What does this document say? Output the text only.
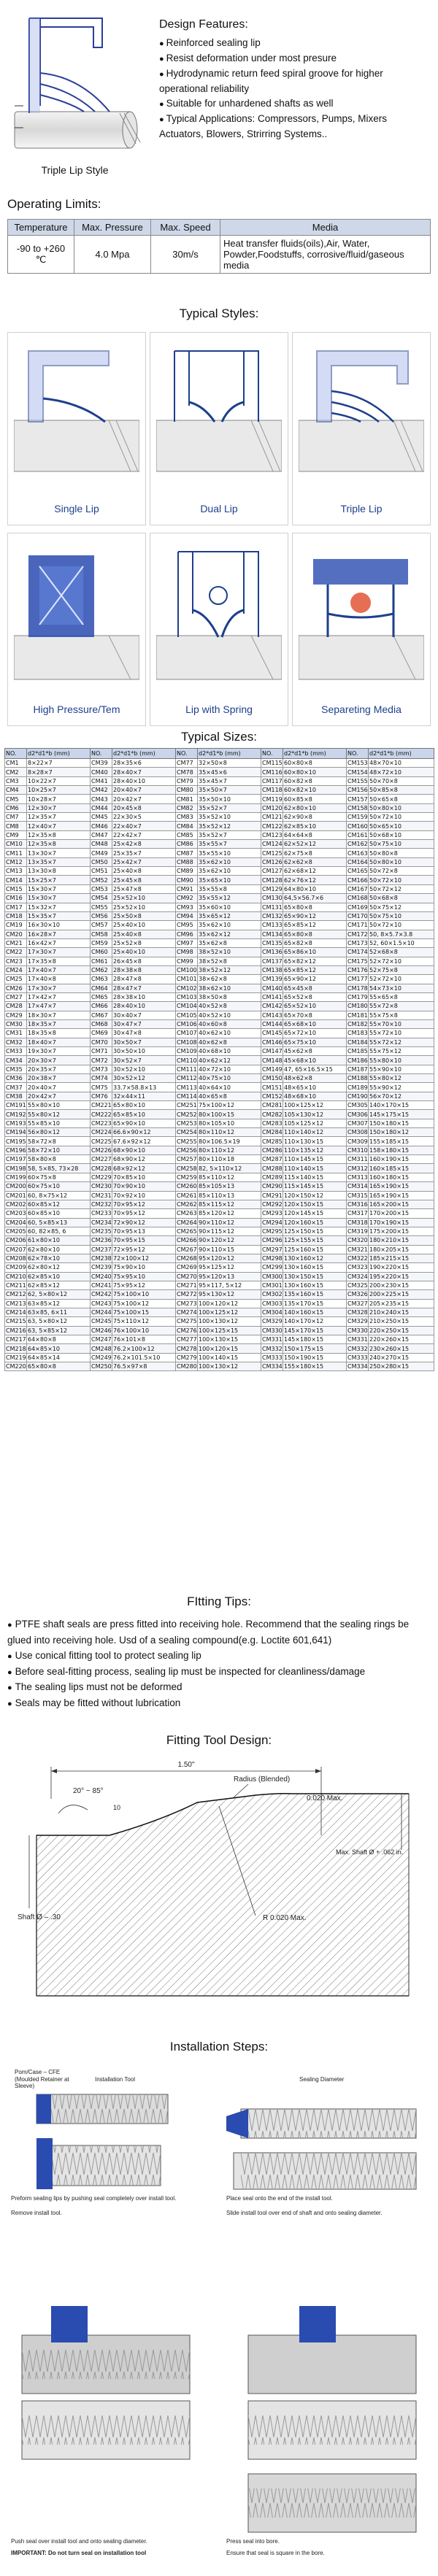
Triple Lip Style
Design Features:
● Reinforced sealing lip
● Resist deformation under most presure
● Hydrodynamic return feed spiral groove for higher operational reliability
● Suitable for unhardened shafts as well
● Typical Applications: Compressors, Pumps, Mixers Actuators, Blowers, Strirring Systems..
Operating Limits:
Temperature	Max. Pressure	Max. Speed	Media
-90 to +260 ℃	4.0 Mpa	30m/s	Heat transfer fluids(oils),Air, Water, Powder,Foodstuffs, corrosive/fluid/gaseous media
Typical Styles:
Single Lip	Dual Lip	Triple Lip
High Pressure/Tem	Lip with Spring	Separeting Media
Typical Sizes:
NO.	d2*d1*b (mm)	NO.	d2*d1*b (mm)	NO.	d2*d1*b (mm)	NO.	d2*d1*b (mm)	NO.	d2*d1*b (mm)
CM1	8×22×7	CM39	28×35×6	CM77	32×50×8	CM115	60×80×8	CM153	48×70×10
CM2	8×28×7	CM40	28×40×7	CM78	35×45×6	CM116	60×80×10	CM154	48×72×10
CM3	10×22×7	CM41	28×40×10	CM79	35×45×7	CM117	60×82×8	CM155	50×70×8
CM4	10×25×7	CM42	20×40×7	CM80	35×50×7	CM118	60×82×10	CM156	50×85×8
CM5	10×28×7	CM43	20×42×7	CM81	35×50×10	CM119	60×85×8	CM157	50×65×8
CM6	12×30×7	CM44	20×45×8	CM82	35×52×7	CM120	62×80×10	CM158	50×80×10
CM7	12×35×7	CM45	22×30×5	CM83	35×52×10	CM121	62×90×8	CM159	50×72×10
CM8	12×40×7	CM46	22×40×7	CM84	35×52×12	CM122	62×85×10	CM160	50×65×10
CM9	12×35×8	CM47	22×42×7	CM85	35×52×7	CM123	64×64×8	CM161	50×68×10
CM10	12×35×8	CM48	25×42×8	CM86	35×55×7	CM124	62×52×12	CM162	50×75×10
CM11	13×30×7	CM49	25×35×7	CM87	35×55×10	CM125	62×75×8	CM163	50×80×8
CM12	13×35×7	CM50	25×42×7	CM88	35×62×10	CM126	62×62×8	CM164	50×80×10
CM13	13×30×8	CM51	25×40×8	CM89	35×62×10	CM127	62×68×12	CM165	50×72×8
CM14	15×25×7	CM52	25×45×8	CM90	35×65×10	CM128	62×76×12	CM166	50×72×10
CM15	15×30×7	CM53	25×47×8	CM91	35×55×8	CM129	64×80×10	CM167	50×72×12
CM16	15×30×7	CM54	25×52×10	CM92	35×55×12	CM130	64,5×56.7×6	CM168	50×68×8
CM17	15×32×7	CM55	25×52×10	CM93	35×60×10	CM131	65×80×8	CM169	50×75×12
CM18	15×35×7	CM56	25×50×8	CM94	35×65×12	CM132	65×90×12	CM170	50×75×10
CM19	16×30×10	CM57	25×40×10	CM95	35×62×10	CM133	65×85×12	CM171	50×72×10
CM20	16×28×7	CM58	25×40×8	CM96	35×62×12	CM134	65×80×8	CM172	50, 8×5.7×3.8
CM21	16×42×7	CM59	25×52×8	CM97	35×62×8	CM135	65×82×8	CM173	52, 60×1.5×10
CM22	17×30×7	CM60	25×40×10	CM98	38×52×10	CM136	65×86×10	CM174	52×68×8
CM23	17×35×8	CM61	26×45×8	CM99	38×52×8	CM137	65×82×12	CM175	52×72×10
CM24	17×40×7	CM62	28×38×8	CM100	38×52×12	CM138	65×85×12	CM176	52×75×8
CM25	17×40×8	CM63	28×47×8	CM101	38×62×8	CM139	65×90×12	CM177	52×72×10
CM26	17×30×7	CM64	28×47×7	CM102	38×62×10	CM140	65×45×8	CM178	54×73×10
CM27	17×42×7	CM65	28×38×10	CM103	38×50×8	CM141	65×52×8	CM179	55×65×8
CM28	17×47×7	CM66	28×40×10	CM104	40×52×8	CM142	65×52×10	CM180	55×72×8
CM29	18×30×7	CM67	30×40×7	CM105	40×52×10	CM143	65×70×8	CM181	55×75×8
CM30	18×35×7	CM68	30×47×7	CM106	40×60×8	CM144	65×68×10	CM182	55×70×10
CM31	18×35×8	CM69	30×47×8	CM107	40×62×10	CM145	65×72×10	CM183	55×72×10
CM32	18×40×7	CM70	30×50×7	CM108	40×62×8	CM146	65×75×10	CM184	55×72×12
CM33	19×30×7	CM71	30×50×10	CM109	40×68×10	CM147	45×62×8	CM185	55×75×12
CM34	20×30×7	CM72	30×52×7	CM110	40×62×12	CM148	45×68×10	CM186	55×80×10
CM35	20×35×7	CM73	30×52×10	CM111	40×72×10	CM149	47, 65×16.5×15	CM187	55×90×10
CM36	20×38×7	CM74	30×52×12	CM112	40×75×10	CM150	48×62×8	CM188	55×80×12
CM37	20×40×7	CM75	33.7×58.8×13	CM113	40×64×10	CM151	48×65×10	CM189	55×90×12
CM38	20×42×7	CM76	32×44×11	CM114	40×65×8	CM152	48×68×10	CM190	56×70×12
CM191	55×80×10	CM221	65×80×10	CM251	75×100×12	CM281	100×125×12	CM305	140×170×15
CM192	55×80×12	CM222	65×85×10	CM252	80×100×15	CM282	105×130×12	CM306	145×175×15
CM193	55×85×10	CM223	65×90×10	CM253	80×105×10	CM283	105×125×12	CM307	150×180×15
CM194	56×80×12	CM224	66.6×90×12	CM254	80×110×12	CM284	110×140×12	CM308	150×180×12
CM195	58×72×8	CM225	67.6×92×12	CM255	80×106.5×19	CM285	110×130×15	CM309	155×185×15
CM196	58×72×10	CM226	68×90×10	CM256	80×110×12	CM286	110×135×12	CM310	158×180×15
CM197	58×80×8	CM227	68×90×12	CM257	80×110×18	CM287	110×145×15	CM311	160×190×15
CM198	58, 5×85, 73×28	CM228	68×92×12	CM258	82, 5×110×12	CM288	110×140×15	CM312	160×185×15
CM199	60×75×8	CM229	70×85×10	CM259	85×110×12	CM289	115×140×15	CM313	160×180×15
CM200	60×75×10	CM230	70×90×10	CM260	85×105×13	CM290	115×145×15	CM314	165×190×15
CM201	60, 8×75×12	CM231	70×92×10	CM261	85×110×13	CM291	120×150×12	CM315	165×190×15
CM202	60×85×12	CM232	70×95×12	CM262	85×115×12	CM292	120×150×15	CM316	165×200×15
CM203	60×85×10	CM233	70×95×12	CM263	85×120×12	CM293	120×145×15	CM317	170×200×15
CM204	60, 5×85×13	CM234	72×90×12	CM264	90×110×12	CM294	120×160×15	CM318	170×190×15
CM205	60, 82×85, 6	CM235	70×95×13	CM265	90×115×12	CM295	125×150×15	CM319	175×200×15
CM206	61×80×10	CM236	70×95×15	CM266	90×120×12	CM296	125×155×15	CM320	180×210×15
CM207	62×80×10	CM237	72×95×12	CM267	90×110×15	CM297	125×160×15	CM321	180×205×15
CM208	62×78×10	CM238	72×100×12	CM268	95×120×12	CM298	130×160×12	CM322	185×215×15
CM209	62×80×12	CM239	75×90×10	CM269	95×125×12	CM299	130×160×15	CM323	190×220×15
CM210	62×85×10	CM240	75×95×10	CM270	95×120×13	CM300	130×150×15	CM324	195×220×15
CM211	62×85×12	CM241	75×95×12	CM271	95×117, 5×12	CM301	130×160×15	CM325	200×230×15
CM212	62, 5×80×12	CM242	75×100×10	CM272	95×130×12	CM302	135×160×15	CM326	200×225×15
CM213	63×85×12	CM243	75×100×12	CM273	100×120×12	CM303	135×170×15	CM327	205×235×15
CM214	63×85, 6×11	CM244	75×100×15	CM274	100×125×12	CM304	140×160×15	CM328	210×240×15
CM215	63, 5×80×12	CM245	75×110×12	CM275	100×130×12	CM329	140×170×12	CM329	210×250×15
CM216	63, 5×85×12	CM246	76×100×10	CM276	100×125×15	CM330	145×170×15	CM330	220×250×15
CM217	64×80×8	CM247	76×101×8	CM277	100×130×15	CM331	145×180×15	CM331	220×260×15
CM218	64×85×10	CM248	76.2×100×12	CM278	100×120×15	CM332	150×175×15	CM332	230×260×15
CM219	64×85×14	CM249	76.2×101.5×10	CM279	100×140×15	CM333	150×190×15	CM333	240×270×15
CM220	65×80×8	CM250	76.5×97×8	CM280	100×130×12	CM334	155×180×15	CM334	250×280×15
FItting Tips:
● PTFE shaft seals are press fitted into receiving hole. Recommend that the sealing rings be glued into receiving hole. Usd of a sealing compound(e.g. Loctite 601,641)
● Use conical fitting tool to protect sealing lip
● Before seal-fitting process, sealing lip must be inspected for cleanliness/damage
● The sealing lips must not be deformed
● Seals may be fitted without lubrication
Fitting Tool Design:
1.50"
Radius (Blended)
20° ~ 85°
10
0.020 Max.
Shaft Ø – .30
Max. Shaft Ø + .062 in.
R 0.020 Max.
Installation Steps:
Pom/Case – CFE (Moulded Retainer at Sleeve)
Installation Tool	Sealing Diameter
Preform sealing lips by pushing seal completely over install tool.
Remove install tool.
Place seal onto the end of the install tool.
Slide install tool over end of shaft and onto sealing diameter.
Push seal over install tool and onto sealing diameter.
IMPORTANT: Do not turn seal on installation tool
Press seal into bore.
Ensure that seal is square in the bore.
